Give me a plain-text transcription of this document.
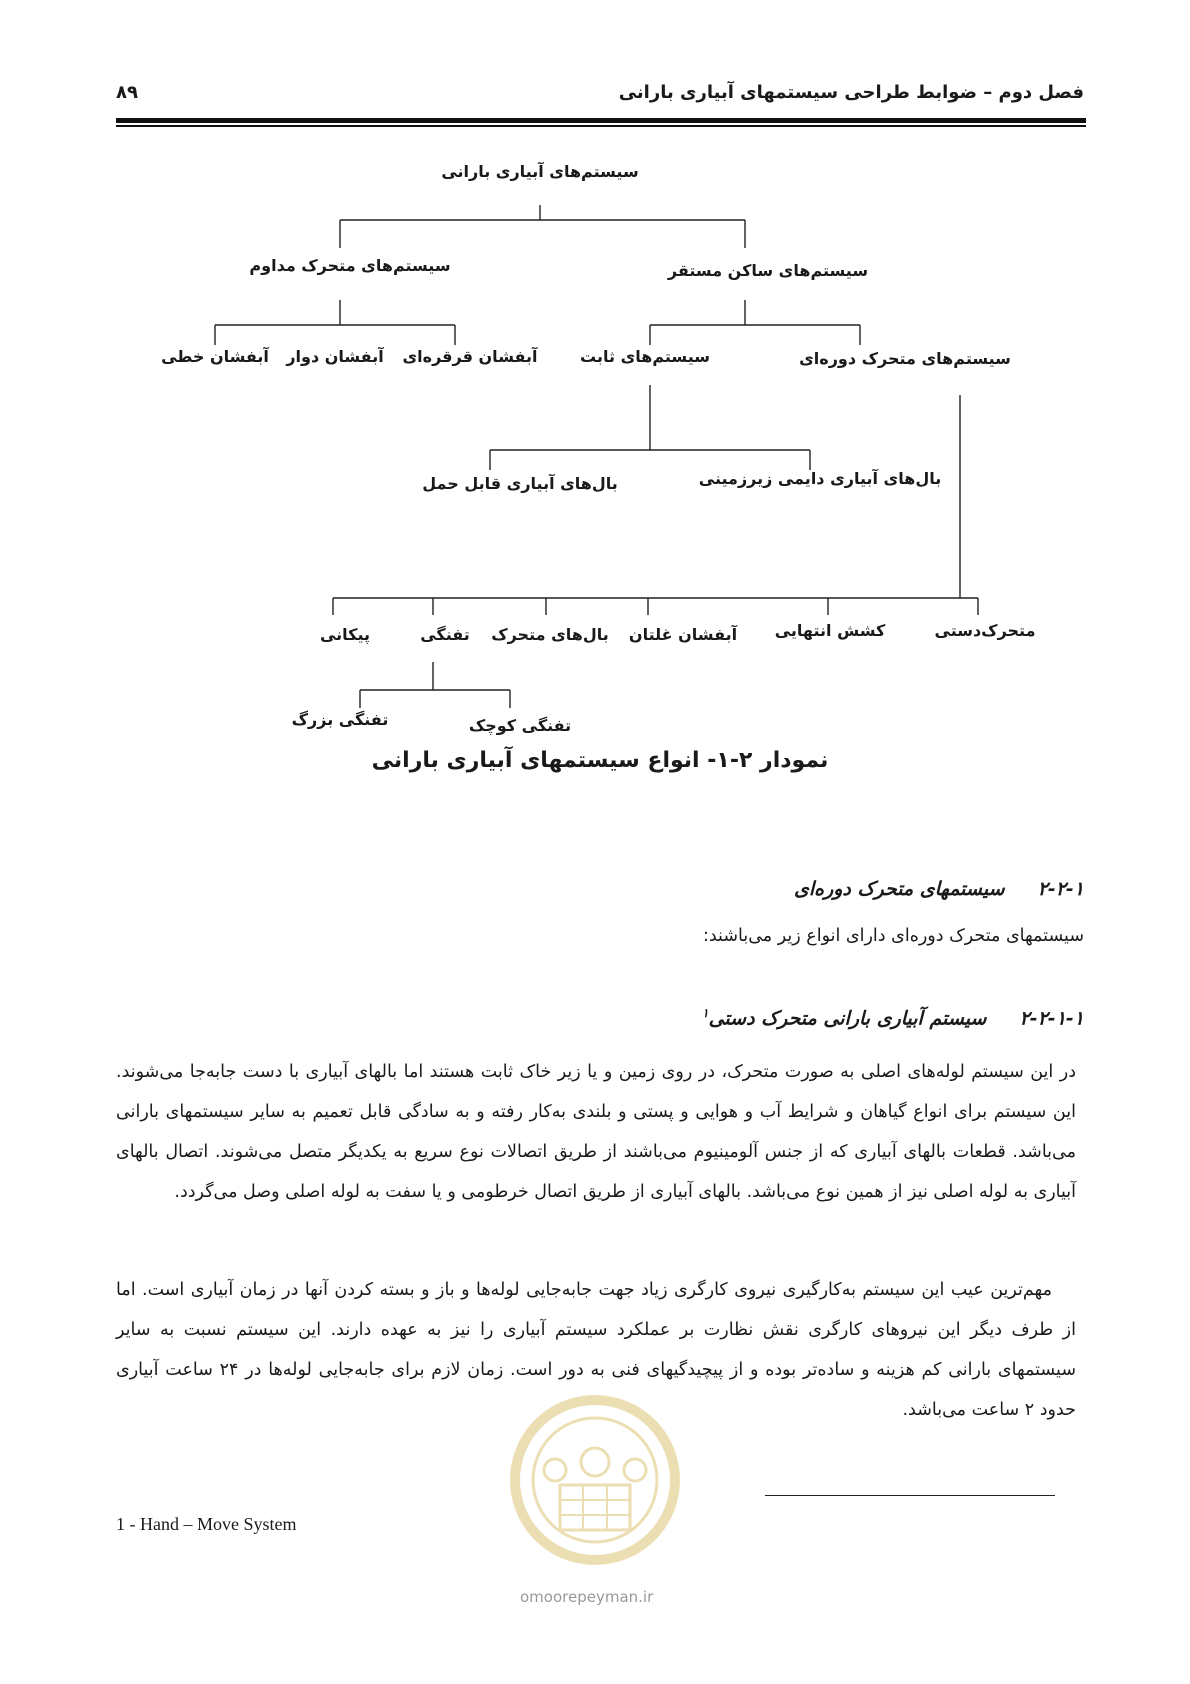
۸۹	فصل دوم – ضوابط طراحی سیستمهای آبیاری بارانی
سیستم‌های آبیاری بارانی
سیستم‌های متحرک مداوم	سیستم‌های ساکن مستقر
آبفشان خطی آبفشان دوار آبفشان قرقره‌ای	سیستم‌های ثابت	سیستم‌های متحرک دوره‌ای
بال‌های آبیاری قابل حمل	بال‌های آبیاری دایمی زیرزمینی
پیکانی	تفنگی بال‌های متحرک آبفشان غلتان کشش انتهایی	متحرک‌دستی
تفنگی بزرگ	تفنگی کوچک
نمودار ۲-۱- انواع سیستمهای آبیاری بارانی
۲-۲-۱     سیستمهای متحرک دوره‌ای
سیستمهای متحرک دوره‌ای دارای انواع زیر می‌باشند:
۲-۲-۱-۱     سیستم آبیاری بارانی متحرک دستی$^۱$

در این سیستم لوله‌های اصلی به صورت متحرک، در روی زمین و یا زیر خاک ثابت هستند اما بالهای آبیاری با دست جابه‌جا می‌شوند. این سیستم برای انواع گیاهان و شرایط آب و هوایی و پستی و بلندی به‌کار رفته و به سادگی قابل تعمیم به سایر سیستمهای بارانی می‌باشد. قطعات بالهای آبیاری که از جنس آلومینیوم می‌باشند از طریق اتصالات نوع سریع به یکدیگر متصل می‌شوند. اتصال بالهای آبیاری به لوله اصلی نیز از همین نوع می‌باشد. بالهای آبیاری از طریق اتصال خرطومی و یا سفت به لوله اصلی وصل می‌گردد.

مهم‌ترین عیب این سیستم به‌کارگیری نیروی کارگری زیاد جهت جابه‌جایی لوله‌ها و باز و بسته کردن آنها در زمان آبیاری است. اما از طرف دیگر این نیروهای کارگری نقش نظارت بر عملکرد سیستم آبیاری را نیز به عهده دارند. این سیستم نسبت به سایر سیستمهای بارانی کم هزینه و ساده‌تر بوده و از پیچیدگیهای فنی به دور است. زمان لازم برای جابه‌جایی لوله‌ها در ۲۴ ساعت آبیاری حدود ۲ ساعت می‌باشد.

1 - Hand – Move System
omoorepeyman.ir
